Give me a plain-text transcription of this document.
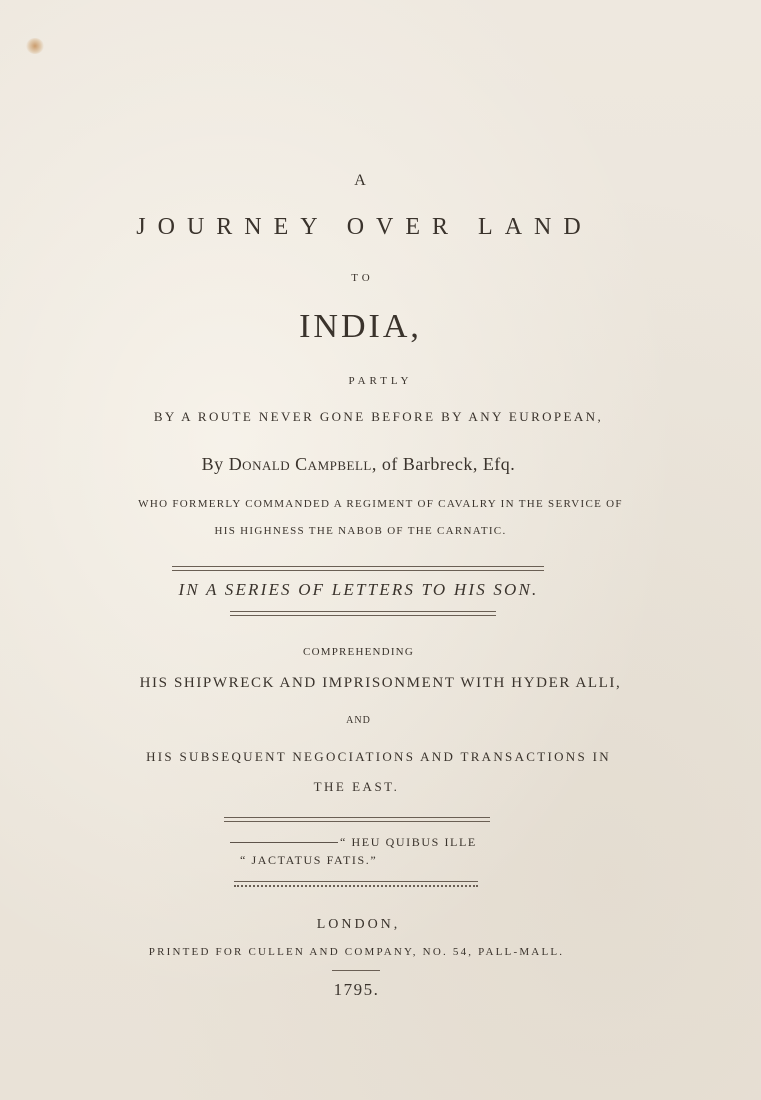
A
JOURNEY OVER LAND
TO
INDIA,
PARTLY
BY A ROUTE NEVER GONE BEFORE BY ANY EUROPEAN,
By Donald Campbell, of Barbreck, Efq.
WHO FORMERLY COMMANDED A REGIMENT OF CAVALRY IN THE SERVICE OF
HIS HIGHNESS THE NABOB OF THE CARNATIC.
IN A SERIES OF LETTERS TO HIS SON.
COMPREHENDING
HIS SHIPWRECK AND IMPRISONMENT WITH HYDER ALLI,
AND
HIS SUBSEQUENT NEGOCIATIONS AND TRANSACTIONS IN
THE EAST.
“ HEU QUIBUS ILLE
“ JACTATUS FATIS.”
LONDON,
PRINTED FOR CULLEN AND COMPANY, NO. 54, PALL-MALL.
1795.
